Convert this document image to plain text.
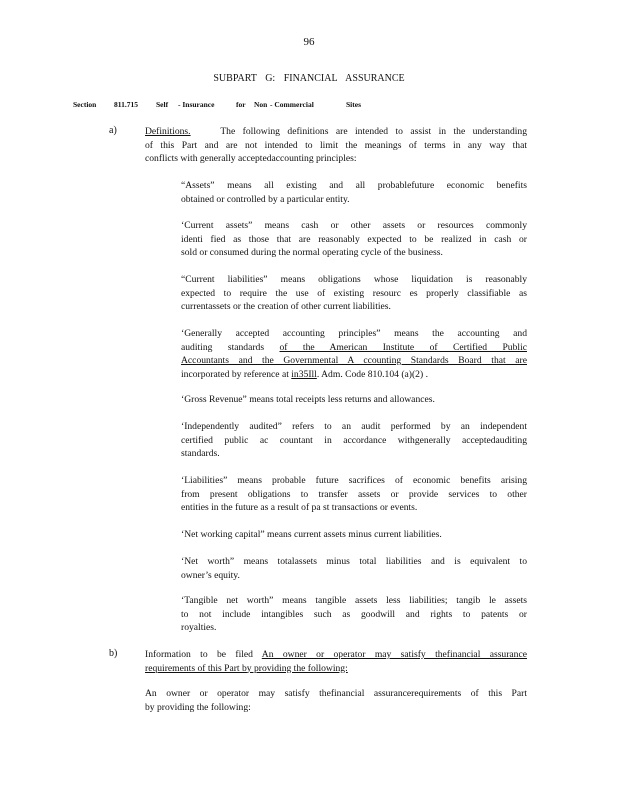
96
SUBPART G: FINANCIAL ASSURANCE
Section 811.715 Self - Insurance	for Non - Commercial	Sites
a)	Definitions.	The following definitions are intended to assist in the understanding
of this Part and are not intended to limit the meanings of terms in any way that
conflicts with generally acceptedaccounting principles:
“Assets” means all existing and all probablefuture economic benefits
obtained or controlled by a particular entity.
‘Current assets” means cash or other assets or resources commonly
identi fied as those that are reasonably expected to be realized in cash or
sold or consumed during the normal operating cycle of the business.
“Current liabilities” means obligations whose liquidation is reasonably
expected to require the use of existing resourc es properly classifiable as
currentassets or the creation of other current liabilities.
‘Generally accepted accounting principles” means the accounting and
auditing standards of the American Institute of Certified Public
Accountants and the Governmental A ccounting Standards Board that are
incorporated by reference at in35Ill. Adm. Code 810.104 (a)(2) .
‘Gross Revenue” means total receipts less returns and allowances.
‘Independently audited” refers to an audit performed by an independent
certified public ac countant in accordance withgenerally acceptedauditing
standards.
‘Liabilities” means probable future sacrifices of economic benefits arising
from present obligations to transfer assets or provide services to other
entities in the future as a result of pa st transactions or events.
‘Net working capital” means current assets minus current liabilities.
‘Net worth” means totalassets minus total liabilities and is equivalent to
owner’s equity.
‘Tangible net worth” means tangible assets less liabilities; tangib le assets
to not include intangibles such as goodwill and rights to patents or
royalties.
b)	Information to be filed An owner or operator may satisfy thefinancial assurance
requirements of this Part by providing the following:
An owner or operator may satisfy thefinancial assurancerequirements of this Part
by providing the following:
